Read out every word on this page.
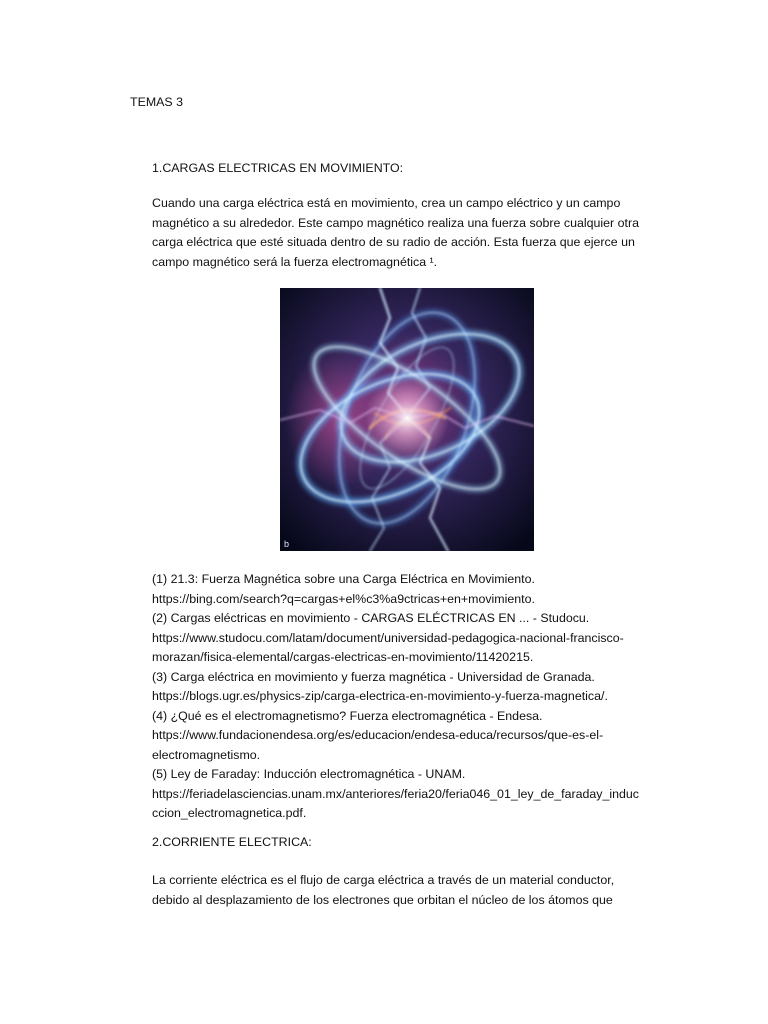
TEMAS 3
1.CARGAS ELECTRICAS EN MOVIMIENTO:

Cuando una carga eléctrica está en movimiento, crea un campo eléctrico y un campo
magnético a su alrededor. Este campo magnético realiza una fuerza sobre cualquier otra
carga eléctrica que esté situada dentro de su radio de acción. Esta fuerza que ejerce un
campo magnético será la fuerza electromagnética ¹.

b

(1) 21.3: Fuerza Magnética sobre una Carga Eléctrica en Movimiento.
https://bing.com/search?q=cargas+el%c3%a9ctricas+en+movimiento.
(2) Cargas eléctricas en movimiento - CARGAS ELÉCTRICAS EN ... - Studocu.
https://www.studocu.com/latam/document/universidad-pedagogica-nacional-francisco-
morazan/fisica-elemental/cargas-electricas-en-movimiento/11420215.
(3) Carga eléctrica en movimiento y fuerza magnética - Universidad de Granada.
https://blogs.ugr.es/physics-zip/carga-electrica-en-movimiento-y-fuerza-magnetica/.
(4) ¿Qué es el electromagnetismo? Fuerza electromagnética - Endesa.
https://www.fundacionendesa.org/es/educacion/endesa-educa/recursos/que-es-el-
electromagnetismo.
(5) Ley de Faraday: Inducción electromagnética - UNAM.
https://feriadelasciencias.unam.mx/anteriores/feria20/feria046_01_ley_de_faraday_induc
ccion_electromagnetica.pdf.

2.CORRIENTE ELECTRICA:

La corriente eléctrica es el flujo de carga eléctrica a través de un material conductor,
debido al desplazamiento de los electrones que orbitan el núcleo de los átomos que
